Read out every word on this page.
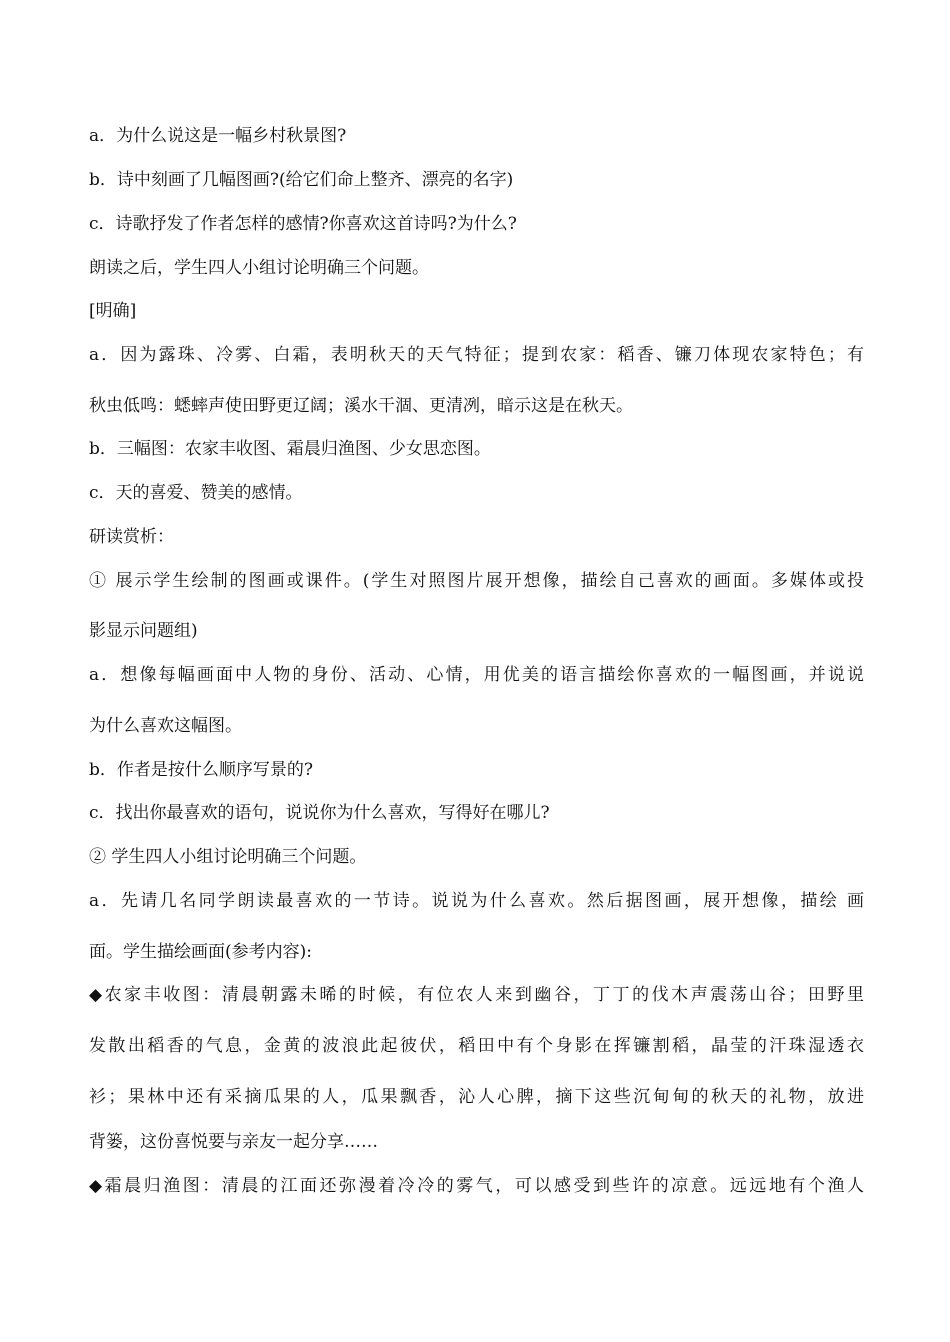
a．为什么说这是一幅乡村秋景图?
b．诗中刻画了几幅图画?(给它们命上整齐、漂亮的名字)
c．诗歌抒发了作者怎样的感情?你喜欢这首诗吗?为什么?
朗读之后，学生四人小组讨论明确三个问题。
[明确]
a．因为露珠、冷雾、白霜，表明秋天的天气特征；提到农家：稻香、镰刀体现农家特色；有
秋虫低鸣：蟋蟀声使田野更辽阔；溪水干涸、更清冽，暗示这是在秋天。
b．三幅图：农家丰收图、霜晨归渔图、少女思恋图。
c．天的喜爱、赞美的感情。
研读赏析：
① 展示学生绘制的图画或课件。(学生对照图片展开想像，描绘自己喜欢的画面。多媒体或投
影显示问题组)
a．想像每幅画面中人物的身份、活动、心情，用优美的语言描绘你喜欢的一幅图画，并说说
为什么喜欢这幅图。
b．作者是按什么顺序写景的?
c．找出你最喜欢的语句，说说你为什么喜欢，写得好在哪儿?
② 学生四人小组讨论明确三个问题。
a．先请几名同学朗读最喜欢的一节诗。说说为什么喜欢。然后据图画，展开想像，描绘 画
面。学生描绘画面(参考内容):
◆农家丰收图：清晨朝露未晞的时候，有位农人来到幽谷，丁丁的伐木声震荡山谷；田野里
发散出稻香的气息，金黄的波浪此起彼伏，稻田中有个身影在挥镰割稻，晶莹的汗珠湿透衣
衫；果林中还有采摘瓜果的人，瓜果飘香，沁人心脾，摘下这些沉甸甸的秋天的礼物，放进
背篓，这份喜悦要与亲友一起分享……
◆霜晨归渔图：清晨的江面还弥漫着冷冷的雾气，可以感受到些许的凉意。远远地有个渔人
